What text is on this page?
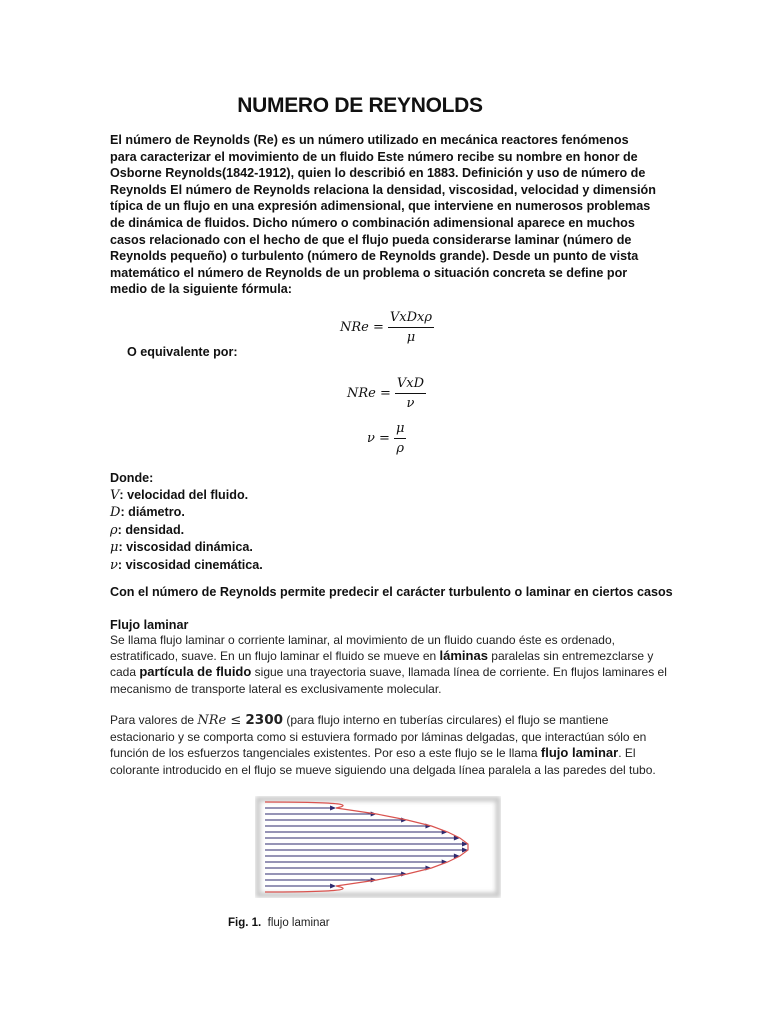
NUMERO DE REYNOLDS

El número de Reynolds (Re) es un número utilizado en mecánica reactores fenómenos para caracterizar el movimiento de un fluido Este número recibe su nombre en honor de Osborne Reynolds(1842-1912), quien lo describió en 1883. Definición y uso de número de Reynolds El número de Reynolds relaciona la densidad, viscosidad, velocidad y dimensión típica de un flujo en una expresión adimensional, que interviene en numerosos problemas de dinámica de fluidos. Dicho número o combinación adimensional aparece en muchos casos relacionado con el hecho de que el flujo pueda considerarse laminar (número de Reynolds pequeño) o turbulento (número de Reynolds grande). Desde un punto de vista matemático el número de Reynolds de un problema o situación concreta se define por medio de la siguiente fórmula:

NRe = $\frac{\text{VxDxρ}}{\mu}$
O equivalente por:
NRe = $\frac{\text{VxD}}{\nu}$
$\nu = \frac{\mu}{\rho}$
Donde:
V: velocidad del fluido.
D: diámetro.
ρ: densidad.
μ: viscosidad dinámica.
ν: viscosidad cinemática.
Con el número de Reynolds permite predecir el carácter turbulento o laminar en ciertos casos
Flujo laminar

Se llama flujo laminar o corriente laminar, al movimiento de un fluido cuando éste es ordenado, estratificado, suave. En un flujo laminar el fluido se mueve en láminas paralelas sin entremezclarse y cada partícula de fluido sigue una trayectoria suave, llamada línea de corriente. En flujos laminares el mecanismo de transporte lateral es exclusivamente molecular.

Para valores de NRe ≤ 2300 (para flujo interno en tuberías circulares) el flujo se mantiene estacionario y se comporta como si estuviera formado por láminas delgadas, que interactúan sólo en función de los esfuerzos tangenciales existentes. Por eso a este flujo se le llama flujo laminar. El colorante introducido en el flujo se mueve siguiendo una delgada línea paralela a las paredes del tubo.

Fig. 1. flujo laminar
